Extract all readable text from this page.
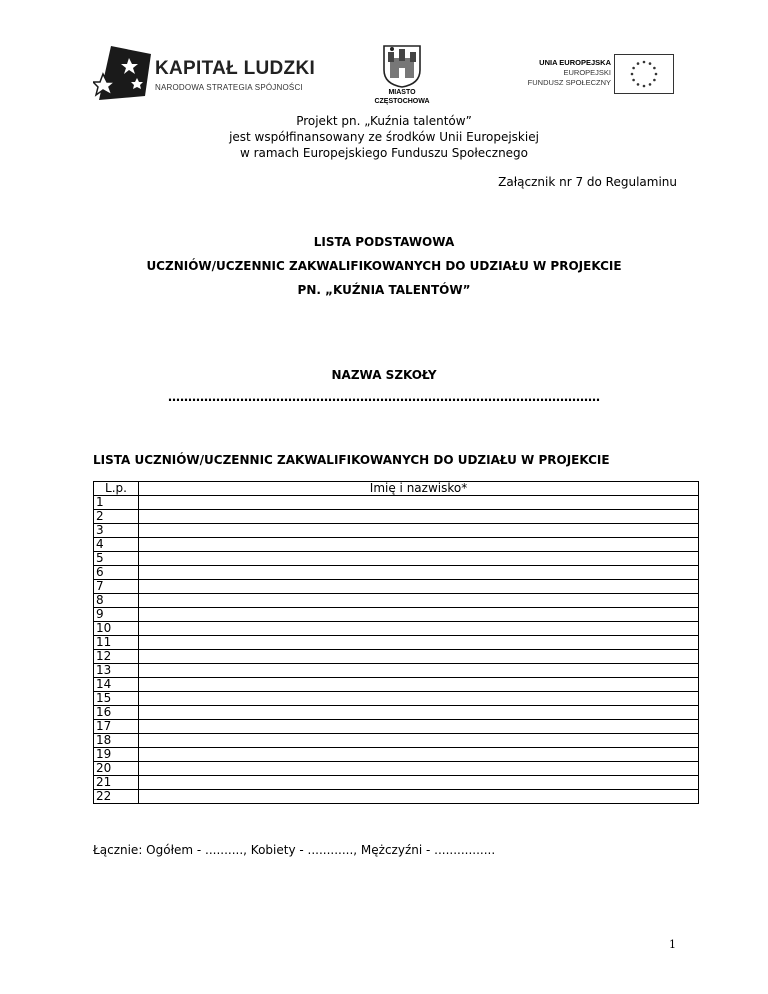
KAPITAŁ LUDZKI
NARODOWA STRATEGIA SPÓJNOŚCI
MIASTO
CZĘSTOCHOWA
UNIA EUROPEJSKA
EUROPEJSKI
FUNDUSZ SPOŁECZNY
Projekt pn. „Kuźnia talentów”
jest współfinansowany ze środków Unii Europejskiej
w ramach Europejskiego Funduszu Społecznego
Załącznik nr 7 do Regulaminu
LISTA PODSTAWOWA
UCZNIÓW/UCZENNIC ZAKWALIFIKOWANYCH DO UDZIAŁU W PROJEKCIE
PN. „KUŹNIA TALENTÓW”
NAZWA SZKOŁY
………………………………………………………………………………………………
LISTA UCZNIÓW/UCZENNIC ZAKWALIFIKOWANYCH DO UDZIAŁU W PROJEKCIE
L.p.	Imię i nazwisko*
1	
2	
3	
4	
5	
6	
7	
8	
9	
10	
11	
12	
13	
14	
15	
16	
17	
18	
19	
20	
21	
22	
Łącznie: Ogółem - .........., Kobiety - ............, Mężczyźni - ................
1
